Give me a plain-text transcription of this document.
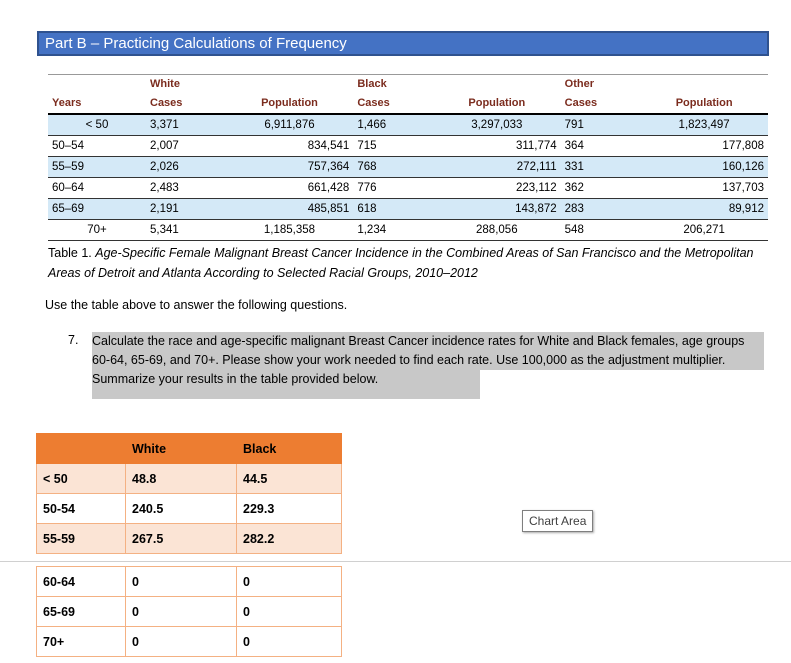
Part B – Practicing Calculations of Frequency
	White		Black		Other	
Years	Cases	Population	Cases	Population	Cases	Population
< 50	3,371	6,911,876	1,466	3,297,033	791	1,823,497
50–54	2,007	834,541	715	311,774	364	177,808
55–59	2,026	757,364	768	272,111	331	160,126
60–64	2,483	661,428	776	223,112	362	137,703
65–69	2,191	485,851	618	143,872	283	89,912
70+	5,341	1,185,358	1,234	288,056	548	206,271
Table 1. Age-Specific Female Malignant Breast Cancer Incidence in the Combined Areas of San Francisco and the Metropolitan Areas of Detroit and Atlanta According to Selected Racial Groups, 2010–2012
Use the table above to answer the following questions.
7. Calculate the race and age-specific malignant Breast Cancer incidence rates for White and Black females, age groups 60-64, 65-69, and 70+. Please show your work needed to find each rate. Use 100,000 as the adjustment multiplier. Summarize your results in the table provided below.
	White	Black
< 50	48.8	44.5
50-54	240.5	229.3
55-59	267.5	282.2
60-64	0	0
65-69	0	0
70+	0	0
Chart Area
